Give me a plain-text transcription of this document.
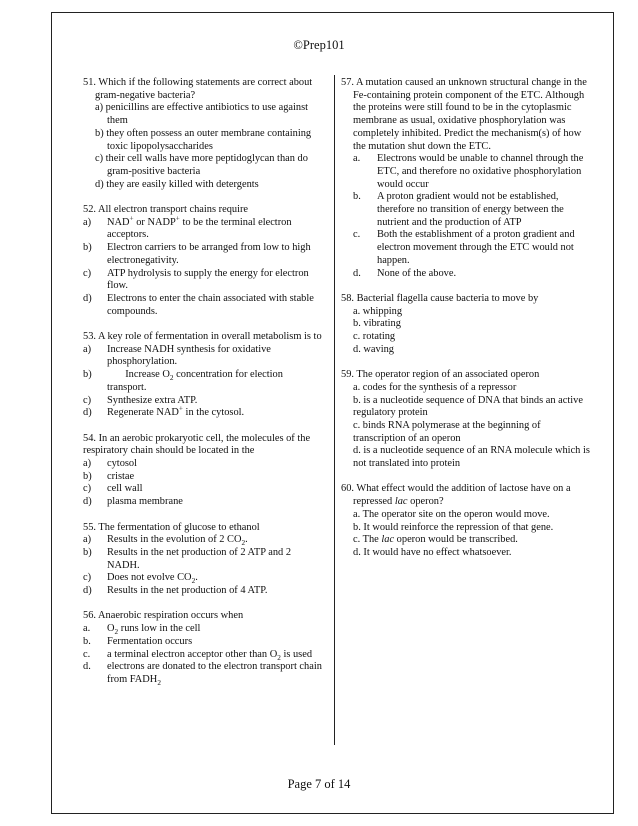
©Prep101
51. Which if the following statements are correct about gram-negative bacteria?
a) penicillins are effective antibiotics to use against them
b) they often possess an outer membrane containing toxic lipopolysaccharides
c) their cell walls have more peptidoglycan than do gram-positive bacteria
d) they are easily killed with detergents
52. All electron transport chains require
a)	NAD+ or NADP+ to be the terminal electron acceptors.
b)	Electron carriers to be arranged from low to high electronegativity.
c)	ATP hydrolysis to supply the energy for electron flow.
d)	Electrons to enter the chain associated with stable compounds.
53. A key role of fermentation in overall metabolism is to
a)	Increase NADH synthesis for oxidative phosphorylation.
b)	Increase $O_2$ concentration for election transport.
c)	Synthesize extra ATP.
d)	Regenerate NAD+ in the cytosol.
54. In an aerobic prokaryotic cell, the molecules of the respiratory chain should be located in the
a)	cytosol
b)	cristae
c)	cell wall
d)	plasma membrane
55. The fermentation of glucose to ethanol
a)	Results in the evolution of 2 $CO_2$.
b)	Results in the net production of 2 ATP and 2 NADH.
c)	Does not evolve $CO_2$.
d)	Results in the net production of 4 ATP.
56. Anaerobic respiration occurs when
a.	$O_2$ runs low in the cell
b.	Fermentation occurs
c.	a terminal electron acceptor other than $O_2$ is used
d.	electrons are donated to the electron transport chain from $FADH_2$
57. A mutation caused an unknown structural change in the Fe-containing protein component of the ETC. Although the proteins were still found to be in the cytoplasmic membrane as usual, oxidative phosphorylation was completely inhibited. Predict the mechanism(s) of how the mutation shut down the ETC.
a.	Electrons would be unable to channel through the ETC, and therefore no oxidative phosphorylation would occur
b.	A proton gradient would not be established, therefore no transition of energy between the nutrient and the production of ATP
c.	Both the establishment of a proton gradient and electron movement through the ETC would not happen.
d.	None of the above.
58. Bacterial flagella cause bacteria to move by
a. whipping
b. vibrating
c. rotating
d. waving
59. The operator region of an associated operon
a. codes for the synthesis of a repressor
b. is a nucleotide sequence of DNA that binds an active regulatory protein
c. binds RNA polymerase at the beginning of transcription of an operon
d. is a nucleotide sequence of an RNA molecule which is not translated into protein
60. What effect would the addition of lactose have on a repressed lac operon?
a. The operator site on the operon would move.
b. It would reinforce the repression of that gene.
c. The lac operon would be transcribed.
d. It would have no effect whatsoever.
Page 7 of 14
